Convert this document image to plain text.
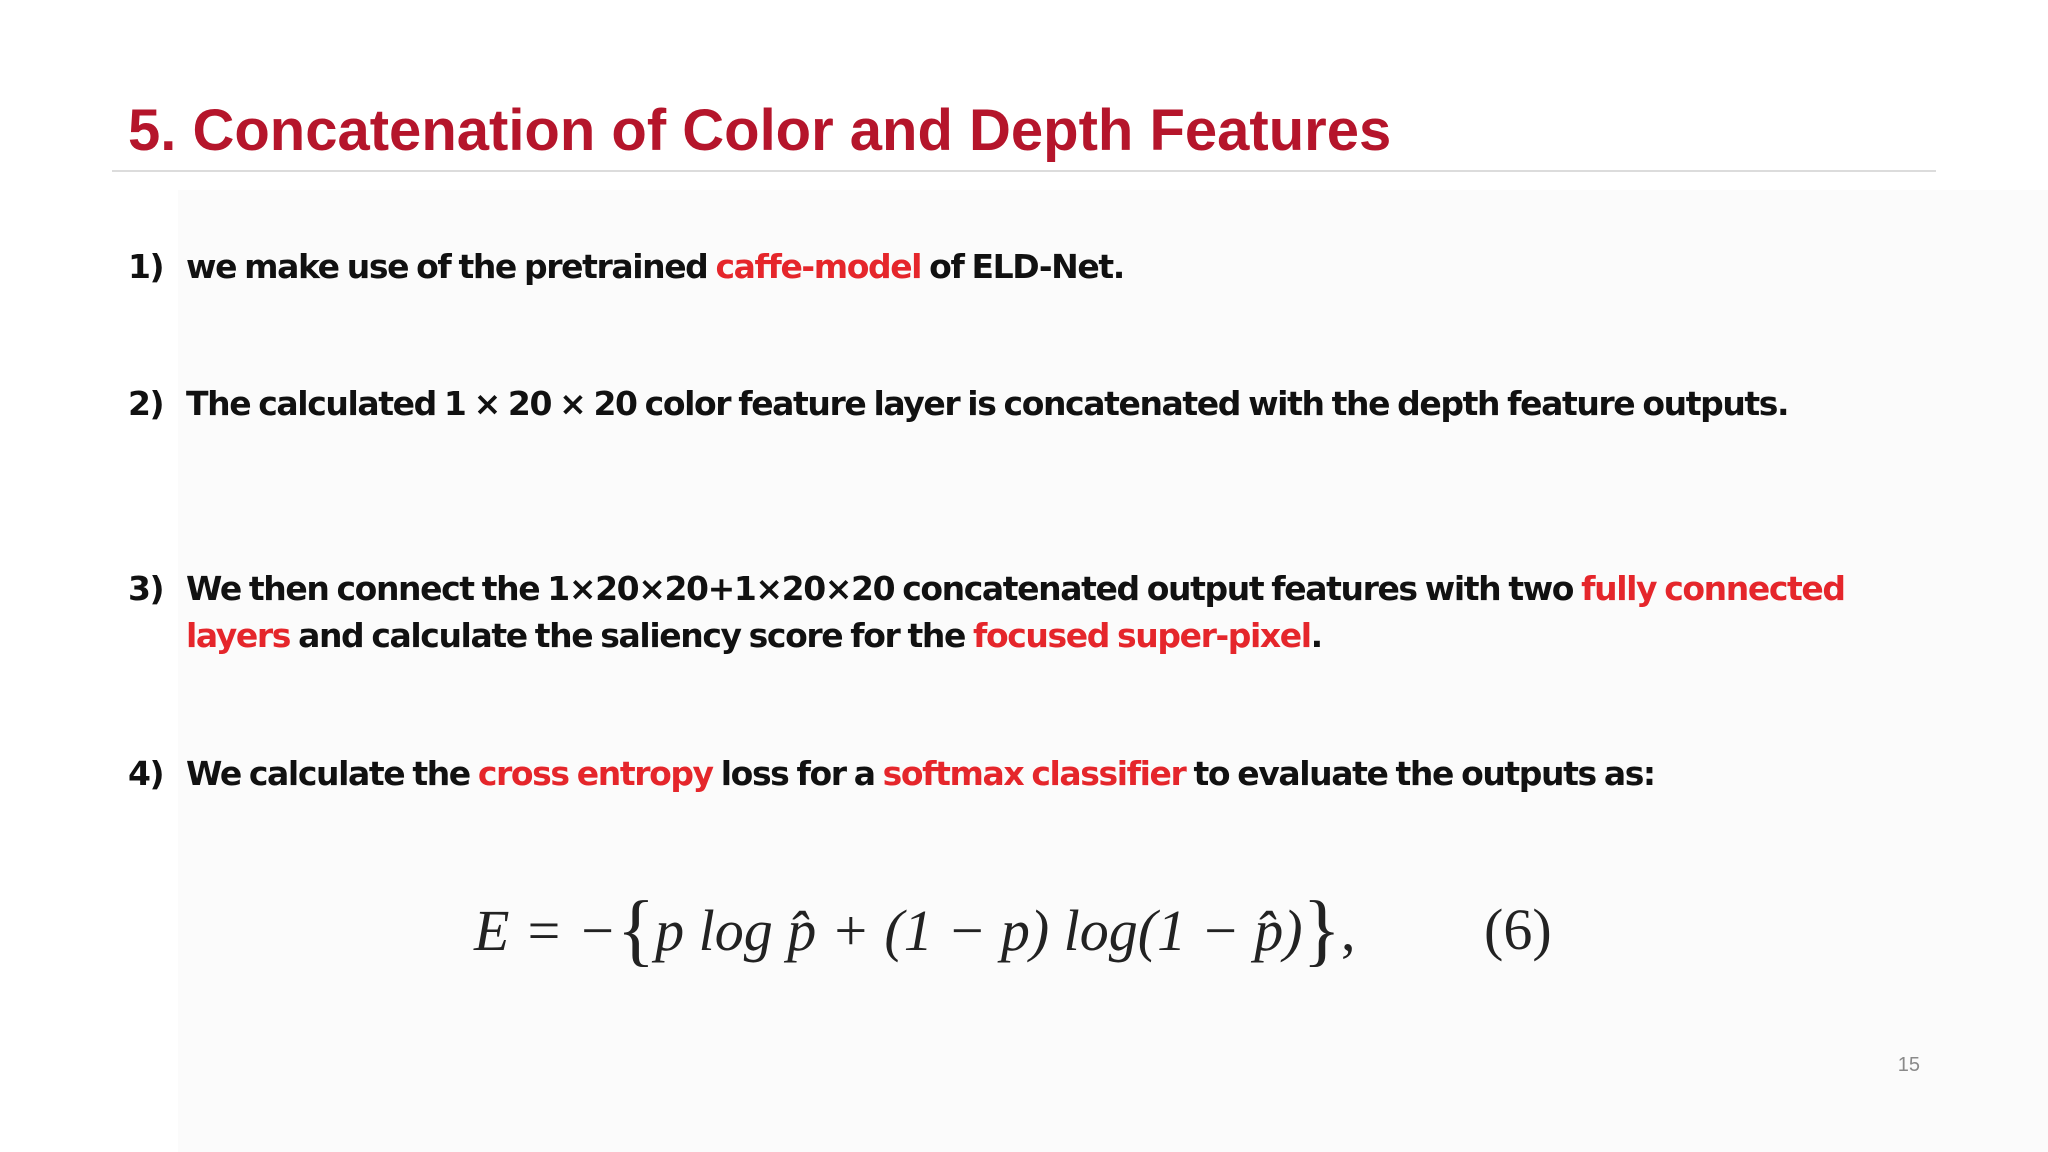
5. Concatenation of Color and Depth Features
1) we make use of the pretrained caffe-model of ELD-Net.
2) The calculated 1 × 20 × 20 color feature layer is concatenated with the depth feature outputs.
3) We then connect the 1×20×20+1×20×20 concatenated output features with two fully connected layers and calculate the saliency score for the focused super-pixel.
4) We calculate the cross entropy loss for a softmax classifier to evaluate the outputs as:
E = −{p log p̂ + (1 − p) log(1 − p̂)},	(6)
15
